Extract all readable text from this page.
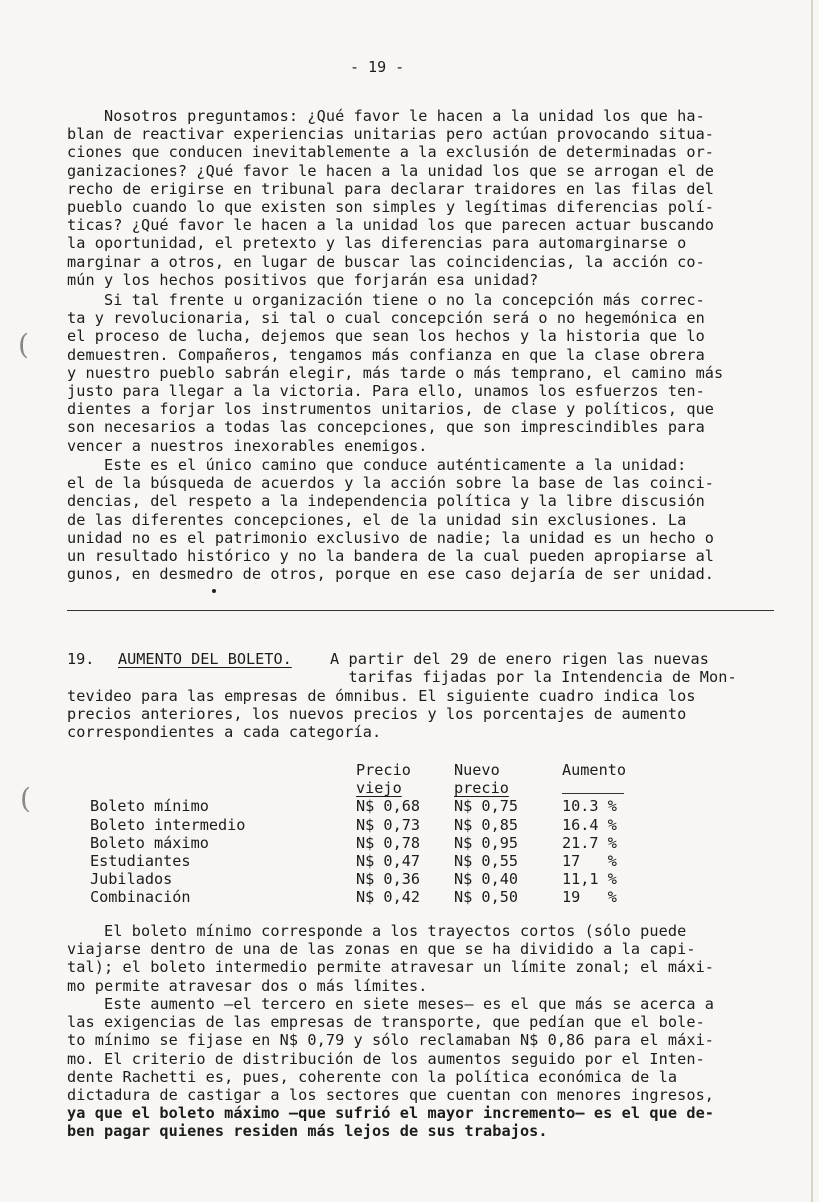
- 19 -

Nosotros preguntamos: ¿Qué favor le hacen a la unidad los que ha-
blan de reactivar experiencias unitarias pero actúan provocando situa-
ciones que conducen inevitablemente a la exclusión de determinadas or-
ganizaciones? ¿Qué favor le hacen a la unidad los que se arrogan el de
recho de erigirse en tribunal para declarar traidores en las filas del
pueblo cuando lo que existen son simples y legítimas diferencias polí-
ticas? ¿Qué favor le hacen a la unidad los que parecen actuar buscando
la oportunidad, el pretexto y las diferencias para automarginarse o
marginar a otros, en lugar de buscar las coincidencias, la acción co-
mún y los hechos positivos que forjarán esa unidad?

Si tal frente u organización tiene o no la concepción más correc-
ta y revolucionaria, si tal o cual concepción será o no hegemónica en
el proceso de lucha, dejemos que sean los hechos y la historia que lo
demuestren. Compañeros, tengamos más confianza en que la clase obrera
y nuestro pueblo sabrán elegir, más tarde o más temprano, el camino más
justo para llegar a la victoria. Para ello, unamos los esfuerzos ten-
dientes a forjar los instrumentos unitarios, de clase y políticos, que
son necesarios a todas las concepciones, que son imprescindibles para
vencer a nuestros inexorables enemigos.

(

Este es el único camino que conduce auténticamente a la unidad:
el de la búsqueda de acuerdos y la acción sobre la base de las coinci-
dencias, del respeto a la independencia política y la libre discusión
de las diferentes concepciones, el de la unidad sin exclusiones. La
unidad no es el patrimonio exclusivo de nadie; la unidad es un hecho o
un resultado histórico y no la bandera de la cual pueden apropiarse al
gunos, en desmedro de otros, porque en ese caso dejaría de ser unidad.

19. AUMENTO DEL BOLETO.	A partir del 29 de enero rigen las nuevas
tarifas fijadas por la Intendencia de Mon-

tevideo para las empresas de ómnibus. El siguiente cuadro indica los
precios anteriores, los nuevos precios y los porcentajes de aumento
correspondientes a cada categoría.

(
	Precio	Nuevo	Aumento
	viejo	precio	

Boleto mínimo	N$ 0,68	N$ 0,75	10.3 %
Boleto intermedio	N$ 0,73	N$ 0,85	16.4 %
Boleto máximo	N$ 0,78	N$ 0,95	21.7 %
Estudiantes	N$ 0,47	N$ 0,55	17   %
Jubilados	N$ 0,36	N$ 0,40	11,1 %
Combinación	N$ 0,42	N$ 0,50	19   %

El boleto mínimo corresponde a los trayectos cortos (sólo puede
viajarse dentro de una de las zonas en que se ha dividido a la capi-
tal); el boleto intermedio permite atravesar un límite zonal; el máxi-
mo permite atravesar dos o más límites.

Este aumento —el tercero en siete meses— es el que más se acerca a
las exigencias de las empresas de transporte, que pedían que el bole-
to mínimo se fijase en N$ 0,79 y sólo reclamaban N$ 0,86 para el máxi-
mo. El criterio de distribución de los aumentos seguido por el Inten-
dente Rachetti es, pues, coherente con la política económica de la
dictadura de castigar a los sectores que cuentan con menores ingresos,
ya que el boleto máximo —que sufrió el mayor incremento— es el que de-
ben pagar quienes residen más lejos de sus trabajos.
